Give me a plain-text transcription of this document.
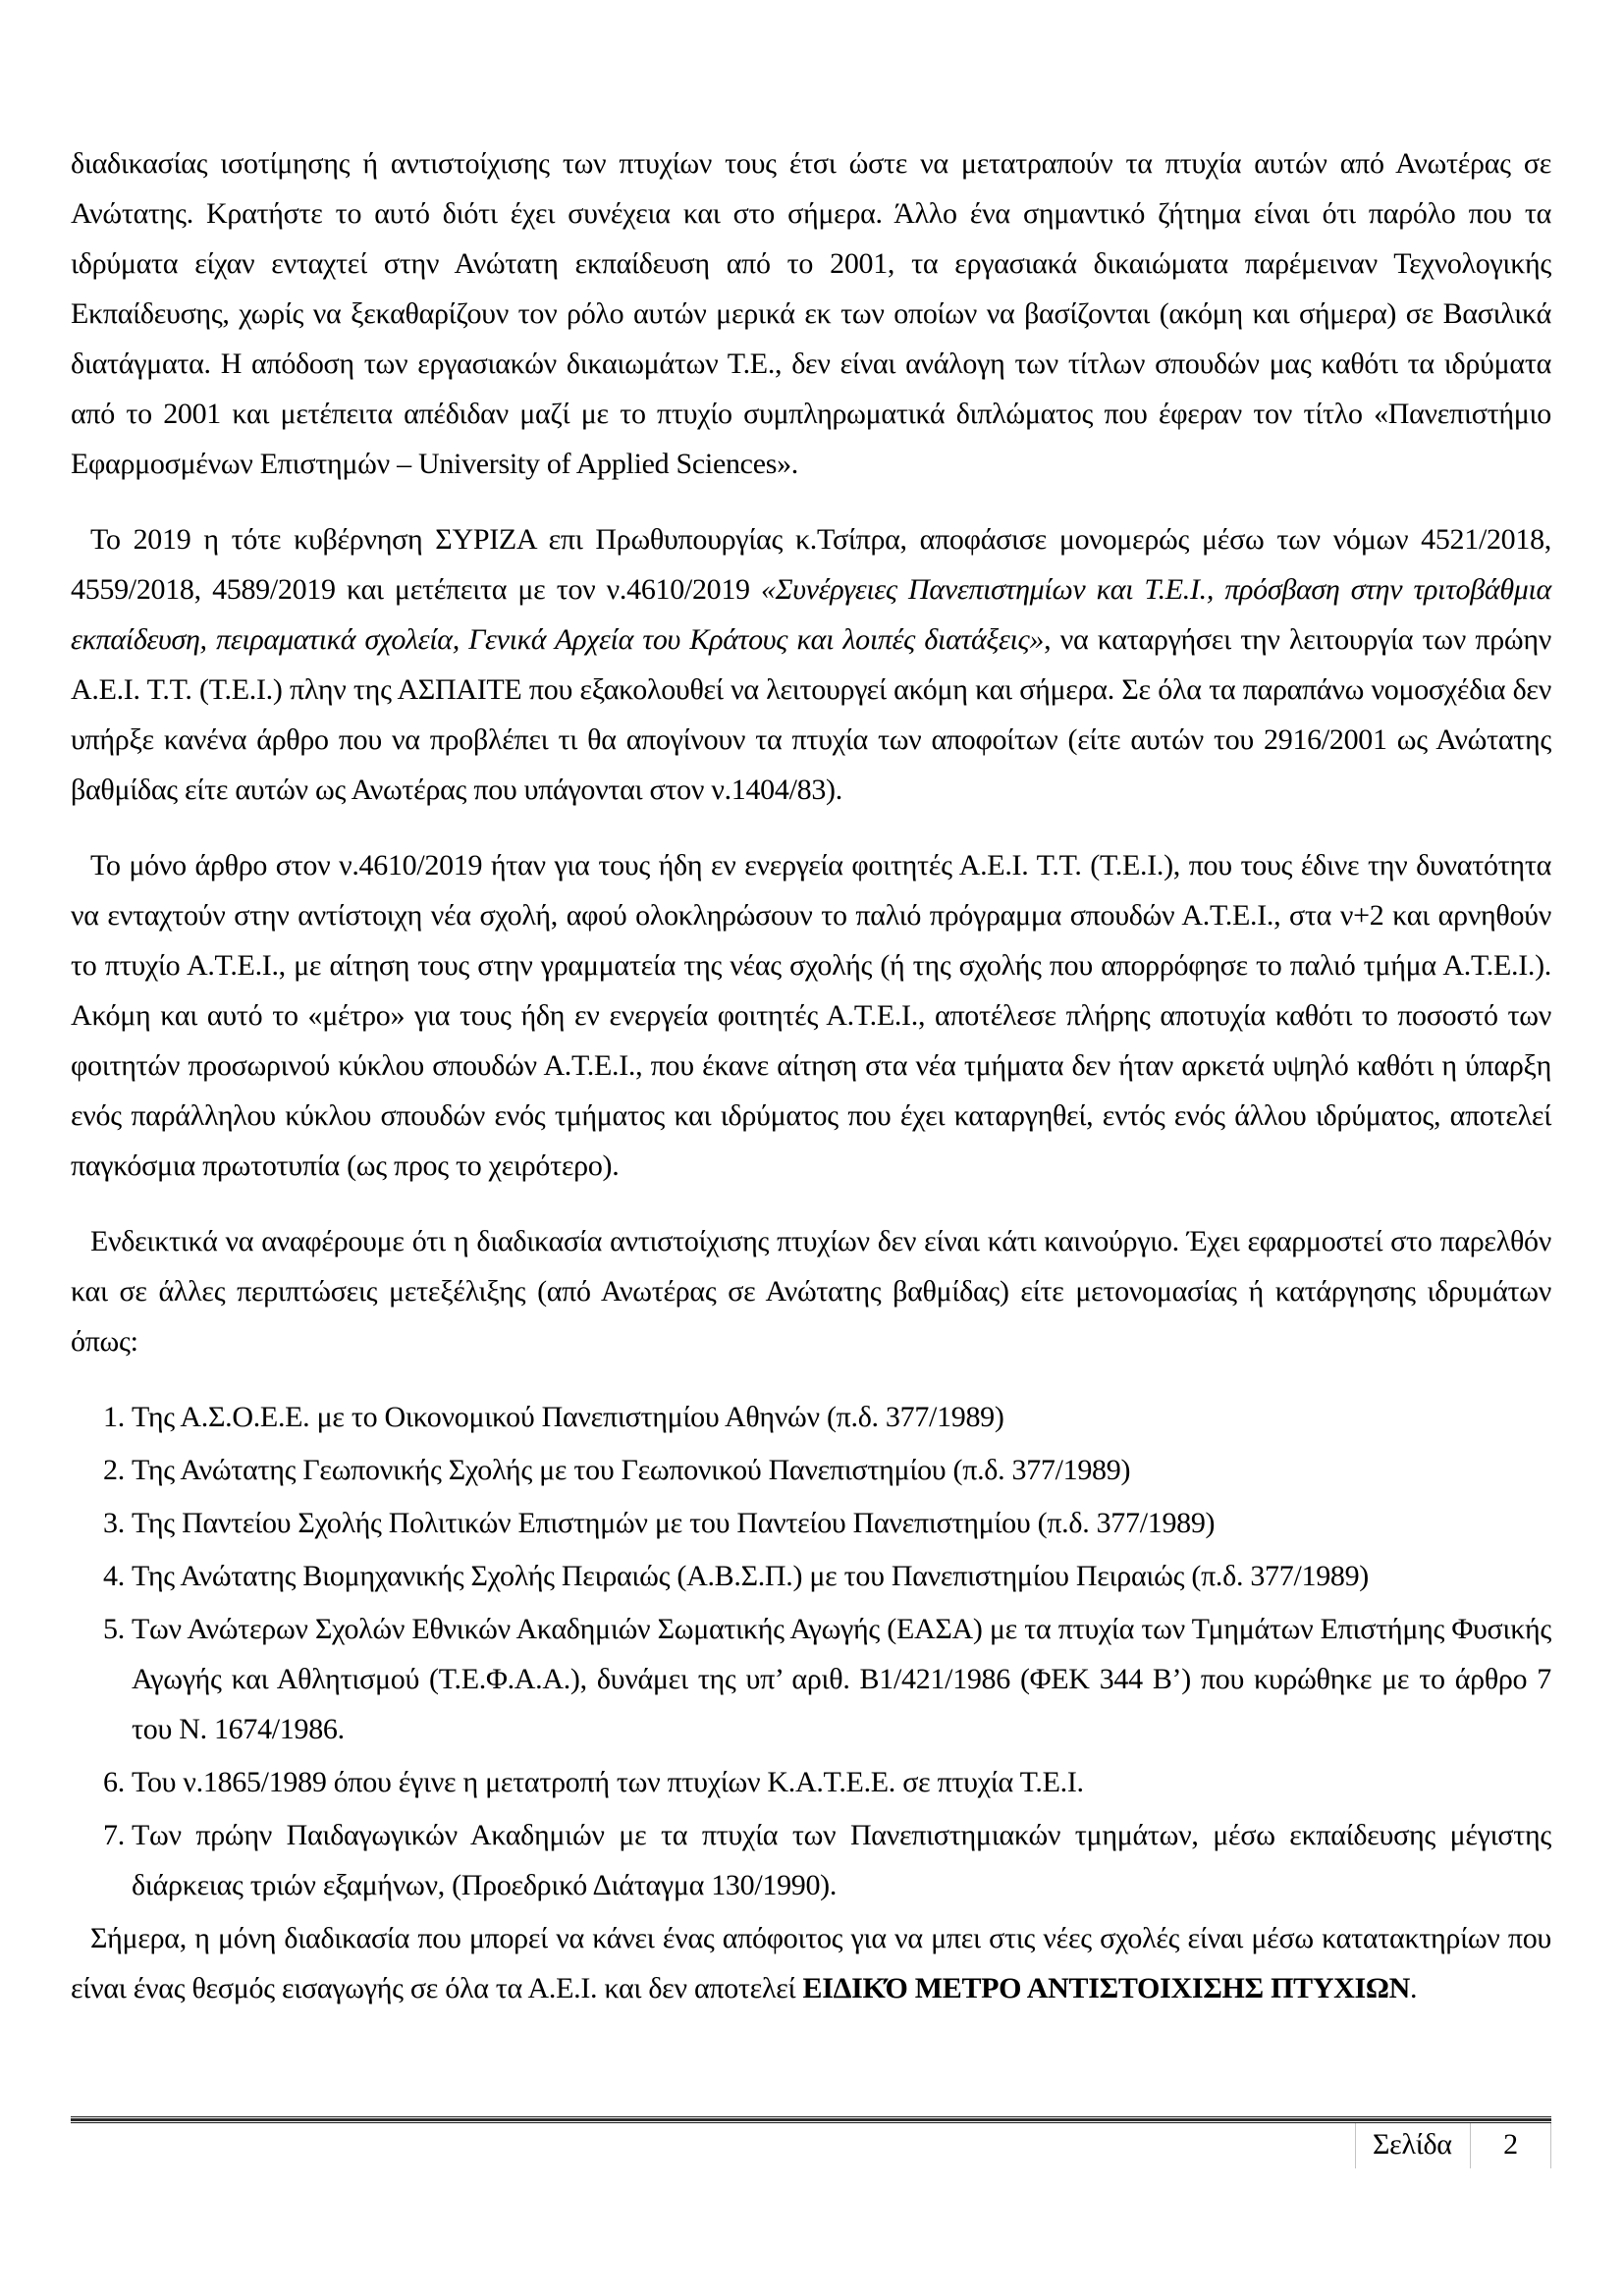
διαδικασίας ισοτίμησης ή αντιστοίχισης των πτυχίων τους έτσι ώστε να μετατραπούν τα πτυχία αυτών από Ανωτέρας σε Ανώτατης. Κρατήστε το αυτό διότι έχει συνέχεια και στο σήμερα. Άλλο ένα σημαντικό ζήτημα είναι ότι παρόλο που τα ιδρύματα είχαν ενταχτεί στην Ανώτατη εκπαίδευση από το 2001, τα εργασιακά δικαιώματα παρέμειναν Τεχνολογικής Εκπαίδευσης, χωρίς να ξεκαθαρίζουν τον ρόλο αυτών μερικά εκ των οποίων να βασίζονται (ακόμη και σήμερα) σε Βασιλικά διατάγματα. Η απόδοση των εργασιακών δικαιωμάτων Τ.Ε., δεν είναι ανάλογη των τίτλων σπουδών μας καθότι τα ιδρύματα από το 2001 και μετέπειτα απέδιδαν μαζί με το πτυχίο συμπληρωματικά διπλώματος που έφεραν τον τίτλο «Πανεπιστήμιο Εφαρμοσμένων Επιστημών – University of Applied Sciences».

Το 2019 η τότε κυβέρνηση ΣΥΡΙΖΑ επι Πρωθυπουργίας κ.Τσίπρα, αποφάσισε μονομερώς μέσω των νόμων 4521/2018, 4559/2018, 4589/2019 και μετέπειτα με τον ν.4610/2019 «Συνέργειες Πανεπιστημίων και Τ.Ε.Ι., πρόσβαση στην τριτοβάθμια εκπαίδευση, πειραματικά σχολεία, Γενικά Αρχεία του Κράτους και λοιπές διατάξεις», να καταργήσει την λειτουργία των πρώην Α.Ε.Ι. Τ.Τ. (Τ.Ε.Ι.) πλην της ΑΣΠΑΙΤΕ που εξακολουθεί να λειτουργεί ακόμη και σήμερα. Σε όλα τα παραπάνω νομοσχέδια δεν υπήρξε κανένα άρθρο που να προβλέπει τι θα απογίνουν τα πτυχία των αποφοίτων (είτε αυτών του 2916/2001 ως Ανώτατης βαθμίδας είτε αυτών ως Ανωτέρας που υπάγονται στον ν.1404/83).

Το μόνο άρθρο στον ν.4610/2019 ήταν για τους ήδη εν ενεργεία φοιτητές Α.Ε.Ι. Τ.Τ. (Τ.Ε.Ι.), που τους έδινε την δυνατότητα να ενταχτούν στην αντίστοιχη νέα σχολή, αφού ολοκληρώσουν το παλιό πρόγραμμα σπουδών Α.Τ.Ε.Ι., στα ν+2 και αρνηθούν το πτυχίο Α.Τ.Ε.Ι., με αίτηση τους στην γραμματεία της νέας σχολής (ή της σχολής που απορρόφησε το παλιό τμήμα Α.Τ.Ε.Ι.). Ακόμη και αυτό το «μέτρο» για τους ήδη εν ενεργεία φοιτητές Α.Τ.Ε.Ι., αποτέλεσε πλήρης αποτυχία καθότι το ποσοστό των φοιτητών προσωρινού κύκλου σπουδών Α.Τ.Ε.Ι., που έκανε αίτηση στα νέα τμήματα δεν ήταν αρκετά υψηλό καθότι η ύπαρξη ενός παράλληλου κύκλου σπουδών ενός τμήματος και ιδρύματος που έχει καταργηθεί, εντός ενός άλλου ιδρύματος, αποτελεί παγκόσμια πρωτοτυπία (ως προς το χειρότερο).

Ενδεικτικά να αναφέρουμε ότι η διαδικασία αντιστοίχισης πτυχίων δεν είναι κάτι καινούργιο. Έχει εφαρμοστεί στο παρελθόν και σε άλλες περιπτώσεις μετεξέλιξης (από Ανωτέρας σε Ανώτατης βαθμίδας) είτε μετονομασίας ή κατάργησης ιδρυμάτων όπως:

1. Της Α.Σ.Ο.Ε.Ε. με το Οικονομικού Πανεπιστημίου Αθηνών (π.δ. 377/1989)
2. Της Ανώτατης Γεωπονικής Σχολής με του Γεωπονικού Πανεπιστημίου (π.δ. 377/1989)
3. Της Παντείου Σχολής Πολιτικών Επιστημών με του Παντείου Πανεπιστημίου (π.δ. 377/1989)
4. Της Ανώτατης Βιομηχανικής Σχολής Πειραιώς (Α.Β.Σ.Π.) με του Πανεπιστημίου Πειραιώς (π.δ. 377/1989)
5. Των Ανώτερων Σχολών Εθνικών Ακαδημιών Σωματικής Αγωγής (ΕΑΣΑ) με τα πτυχία των Τμημάτων Επιστήμης Φυσικής Αγωγής και Αθλητισμού (Τ.Ε.Φ.Α.Α.), δυνάμει της υπ’ αριθ. Β1/421/1986 (ΦΕΚ 344 Β’) που κυρώθηκε με το άρθρο 7 του Ν. 1674/1986.
6. Του ν.1865/1989 όπου έγινε η μετατροπή των πτυχίων Κ.Α.Τ.Ε.Ε. σε πτυχία Τ.Ε.Ι.
7. Των πρώην Παιδαγωγικών Ακαδημιών με τα πτυχία των Πανεπιστημιακών τμημάτων, μέσω εκπαίδευσης μέγιστης διάρκειας τριών εξαμήνων, (Προεδρικό Διάταγμα 130/1990).

Σήμερα, η μόνη διαδικασία που μπορεί να κάνει ένας απόφοιτος για να μπει στις νέες σχολές είναι μέσω κατατακτηρίων που είναι ένας θεσμός εισαγωγής σε όλα τα Α.Ε.Ι. και δεν αποτελεί ΕΙΔΙΚΌ ΜΕΤΡΟ ΑΝΤΙΣΤΟΙΧΙΣΗΣ ΠΤΥΧΙΩΝ.

Σελίδα	2
